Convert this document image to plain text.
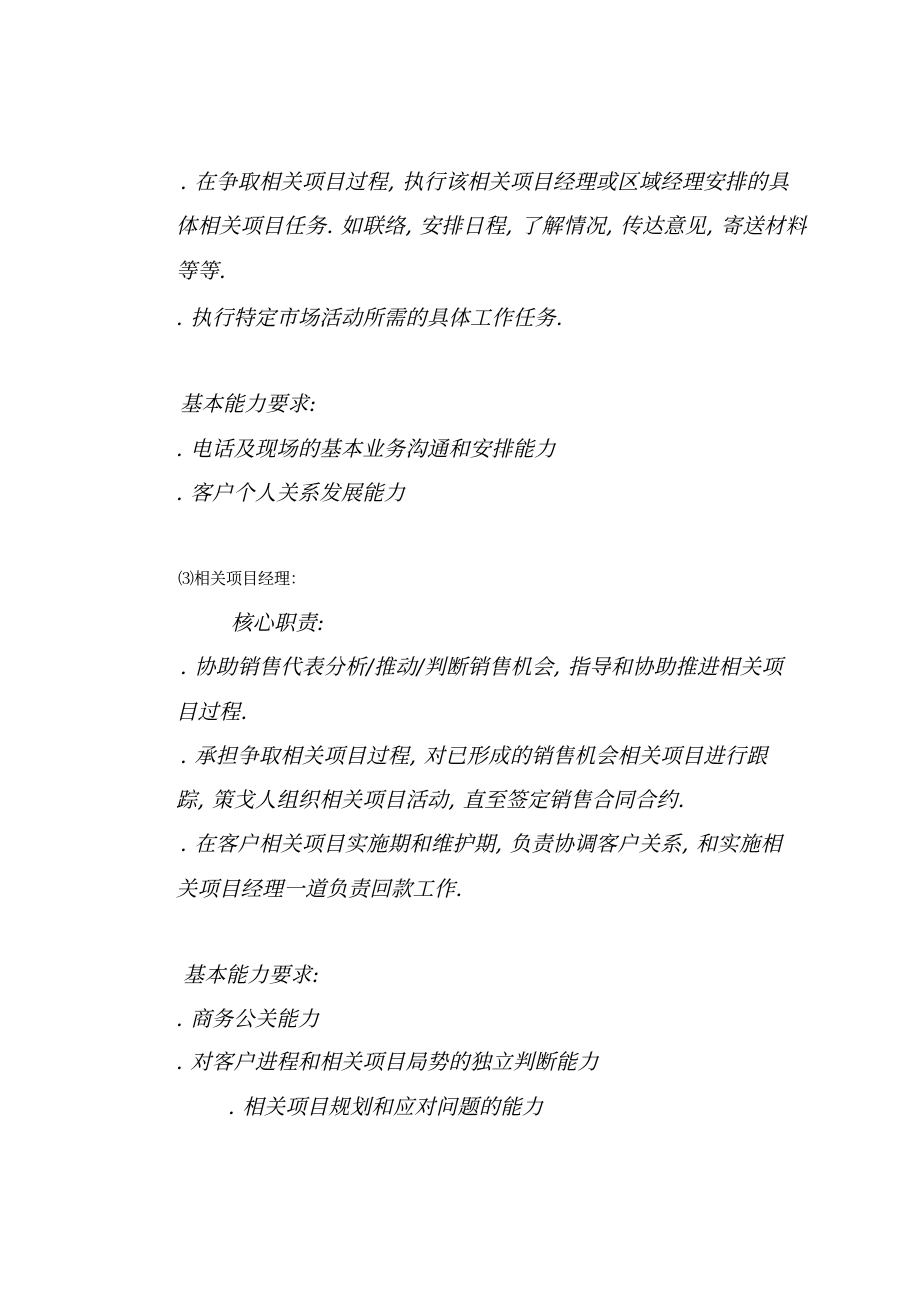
. 在争取相关项目过程, 执行该相关项目经理或区域经理安排的具
体相关项目任务. 如联络, 安排日程, 了解情况, 传达意见, 寄送材料
等等.
. 执行特定市场活动所需的具体工作任务.
基本能力要求:
. 电话及现场的基本业务沟通和安排能力
. 客户个人关系发展能力
⑶相关项目经理：
核心职责:
. 协助销售代表分析/推动/判断销售机会, 指导和协助推进相关项
目过程.
. 承担争取相关项目过程, 对已形成的销售机会相关项目进行跟
踪, 策戈人组织相关项目活动, 直至签定销售合同合约.
. 在客户相关项目实施期和维护期, 负责协调客户关系, 和实施相
关项目经理一道负责回款工作.
基本能力要求:
. 商务公关能力
. 对客户进程和相关项目局势的独立判断能力
. 相关项目规划和应对问题的能力
